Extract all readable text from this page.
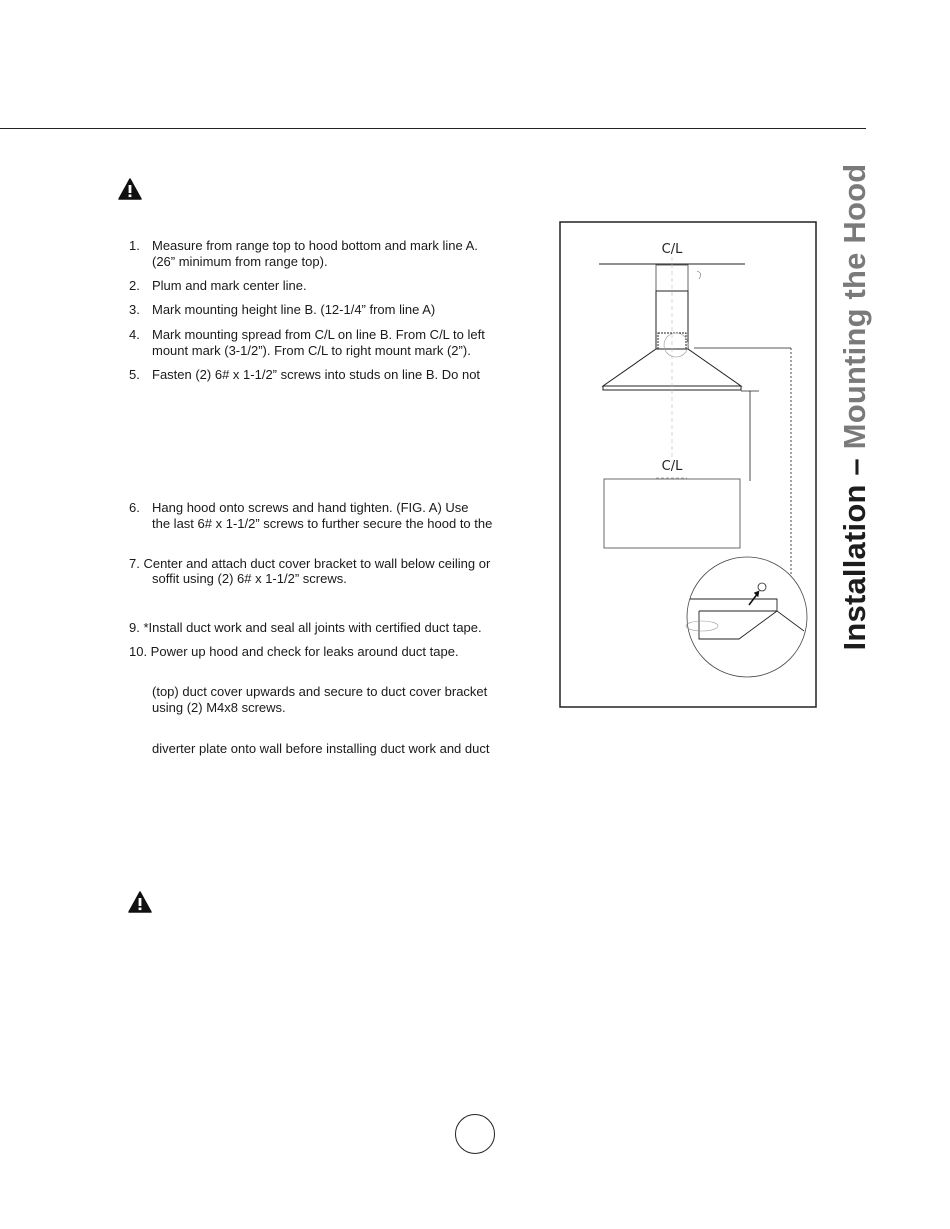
1. Measure from range top to hood bottom and mark line A.
(26” minimum from range top).
2. Plum and mark center line.
3. Mark mounting height line B. (12-1/4” from line A)
4. Mark mounting spread from C/L on line B. From C/L to left
mount mark (3-1/2”). From C/L to right mount mark (2”).
5. Fasten (2) 6# x 1-1/2” screws into studs on line B. Do not
6. Hang hood onto screws and hand tighten. (FIG. A) Use
the last 6# x 1-1/2” screws to further secure the hood to the
7. Center and attach duct cover bracket to wall below ceiling or
soffit using (2) 6# x 1-1/2” screws.
9. *Install duct work and seal all joints with certified duct tape.
10. Power up hood and check for leaks around duct tape.
(top) duct cover upwards and secure to duct cover bracket
using (2) M4x8 screws.
diverter plate onto wall before installing duct work and duct
Installation – Mounting the Hood
C/L
C/L
